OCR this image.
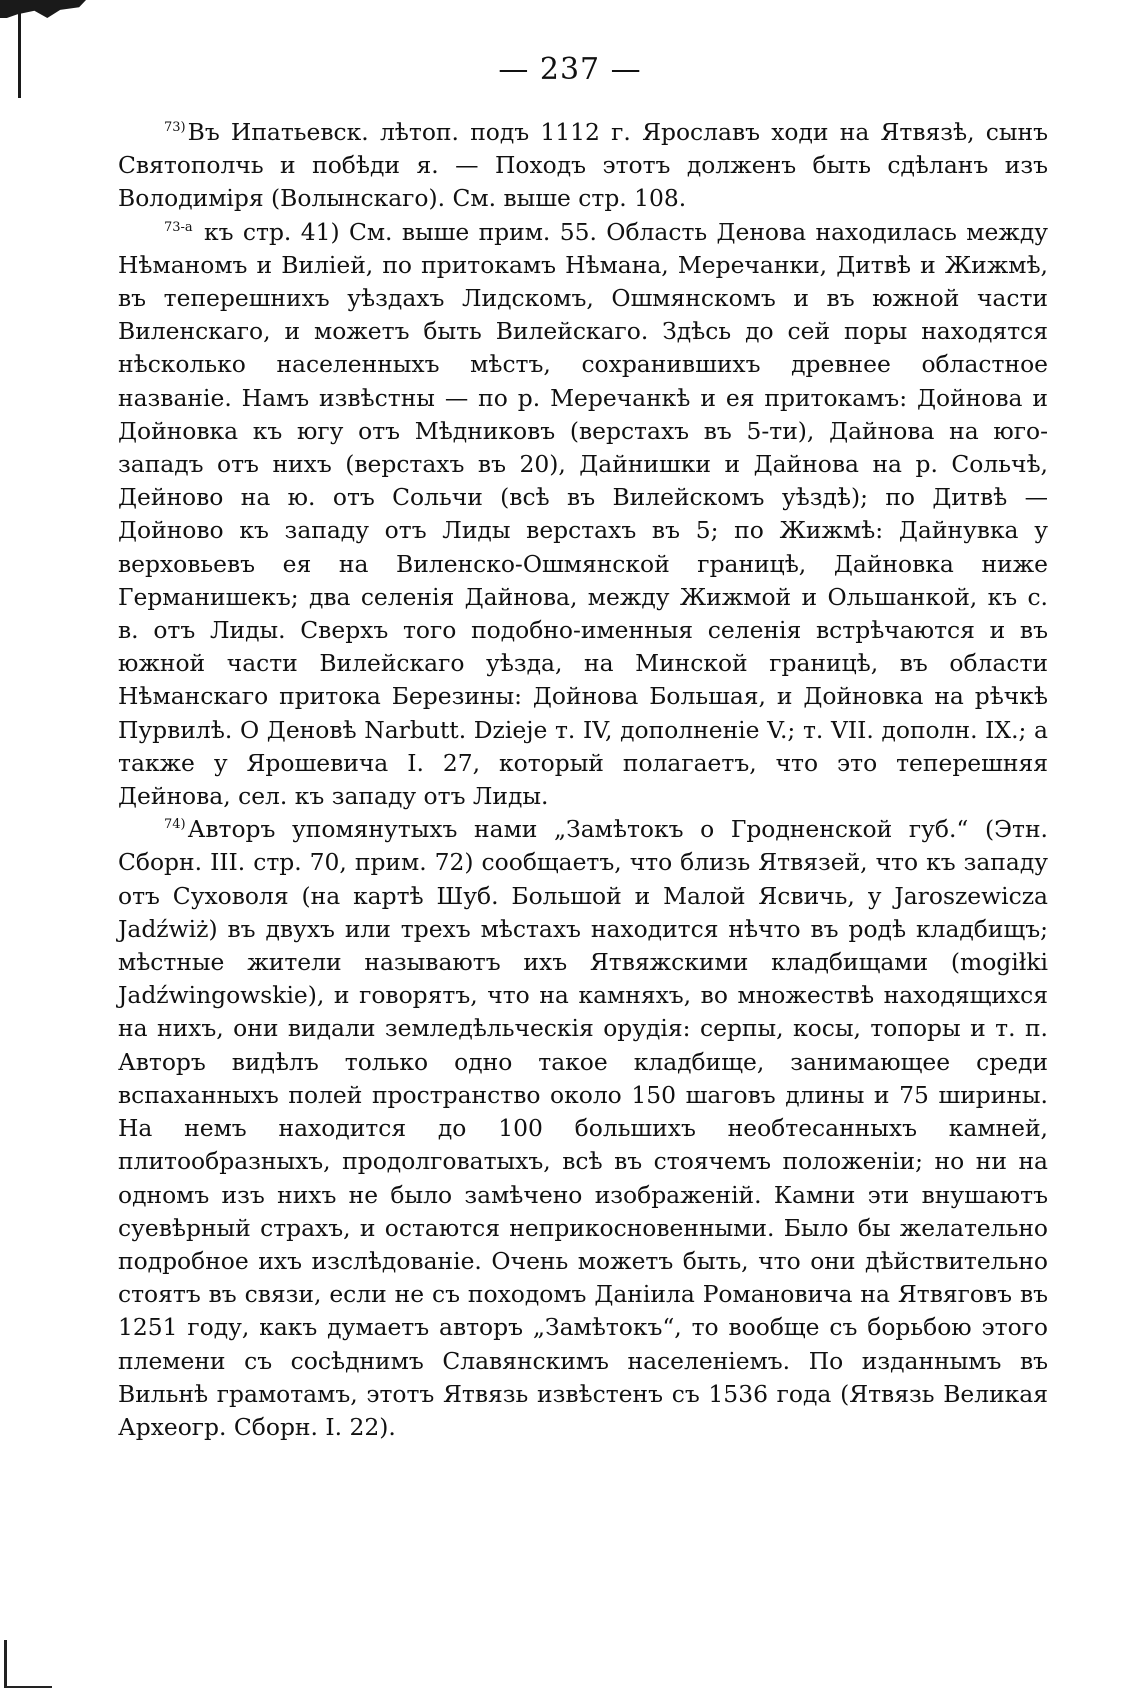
— 237 —

$^{73)}$Въ Ипатьевск. лѣтоп. подъ 1112 г. Ярославъ ходи на Ятвязѣ, сынъ Святополчь и побѣди я. — Походъ этотъ долженъ быть сдѣланъ изъ Володиміря (Волынскаго). См. выше стр. 108.

$^{73-а}$ къ стр. 41) См. выше прим. 55. Область Денова находилась между Нѣманомъ и Виліей, по притокамъ Нѣмана, Меречанки, Дитвѣ и Жижмѣ, въ теперешнихъ уѣздахъ Лидскомъ, Ошмянскомъ и въ южной части Виленскаго, и можетъ быть Вилейскаго. Здѣсь до сей поры находятся нѣсколько населенныхъ мѣстъ, сохранившихъ древнее областное названіе. Намъ извѣстны — по р. Меречанкѣ и ея притокамъ: Дойнова и Дойновка къ югу отъ Мѣдниковъ (верстахъ въ 5-ти), Дайнова на юго-западъ отъ нихъ (верстахъ въ 20), Дайнишки и Дайнова на р. Сольчѣ, Дейново на ю. отъ Сольчи (всѣ въ Вилейскомъ уѣздѣ); по Дитвѣ — Дойново къ западу отъ Лиды верстахъ въ 5; по Жижмѣ: Дайнувка у верховьевъ ея на Виленско-Ошмянской границѣ, Дайновка ниже Германишекъ; два селенія Дайнова, между Жижмой и Ольшанкой, къ с. в. отъ Лиды. Сверхъ того подобно-именныя селенія встрѣчаются и въ южной части Вилейскаго уѣзда, на Минской границѣ, въ области Нѣманскаго притока Березины: Дойнова Большая, и Дойновка на рѣчкѣ Пурвилѣ. О Деновѣ Narbutt. Dzieje т. IV, дополненіе V.; т. VII. дополн. IX.; а также у Ярошевича I. 27, который полагаетъ, что это теперешняя Дейнова, сел. къ западу отъ Лиды.

$^{74)}$Авторъ упомянутыхъ нами „Замѣтокъ о Гродненской губ.“ (Этн. Сборн. III. стр. 70, прим. 72) сообщаетъ, что близь Ятвязей, что къ западу отъ Суховоля (на картѣ Шуб. Большой и Малой Ясвичь, у Jaroszewicza Jadźwiż) въ двухъ или трехъ мѣстахъ находится нѣчто въ родѣ кладбищъ; мѣстные жители называютъ ихъ Ятвяжскими кладбищами (mogiłki Jadźwingowskie), и говорятъ, что на камняхъ, во множествѣ находящихся на нихъ, они видали земледѣльческія орудія: серпы, косы, топоры и т. п. Авторъ видѣлъ только одно такое кладбище, занимающее среди вспаханныхъ полей пространство около 150 шаговъ длины и 75 ширины. На немъ находится до 100 большихъ необтесанныхъ камней, плитообразныхъ, продолговатыхъ, всѣ въ стоячемъ положеніи; но ни на одномъ изъ нихъ не было замѣчено изображеній. Камни эти внушаютъ суевѣрный страхъ, и остаются неприкосновенными. Было бы желательно подробное ихъ изслѣдованіе. Очень можетъ быть, что они дѣйствительно стоятъ въ связи, если не съ походомъ Даніила Романовича на Ятвяговъ въ 1251 году, какъ думаетъ авторъ „Замѣтокъ“, то вообще съ борьбою этого племени съ сосѣднимъ Славянскимъ населеніемъ. По изданнымъ въ Вильнѣ грамотамъ, этотъ Ятвязь извѣстенъ съ 1536 года (Ятвязь Великая Археогр. Сборн. I. 22).
